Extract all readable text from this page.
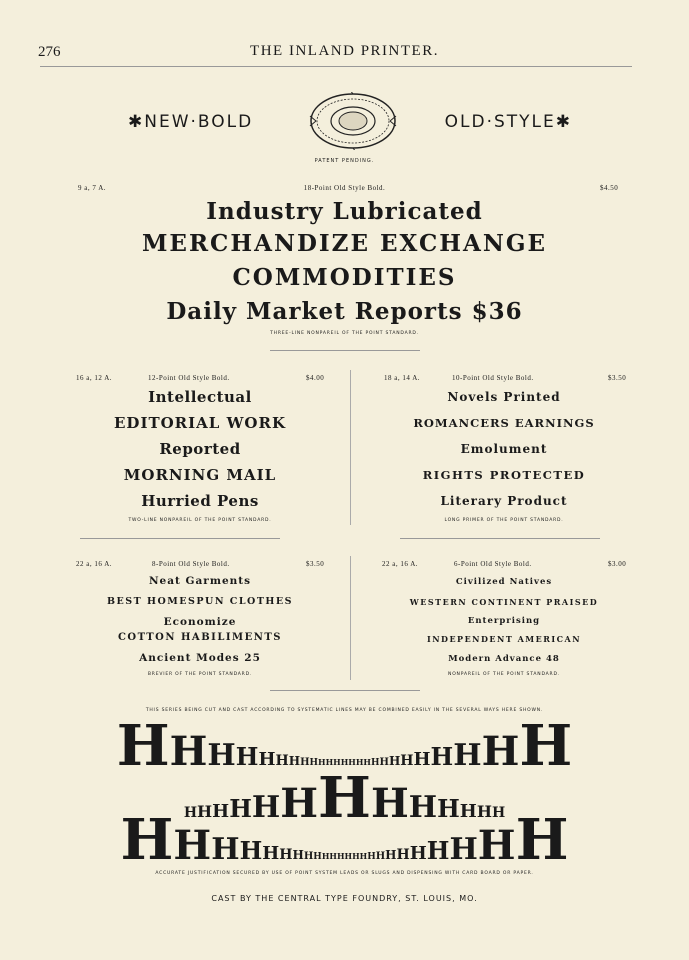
276	THE INLAND PRINTER.
✱NEW·BOLD	OLD·STYLE✱
PATENT PENDING.
9 a, 7 A.	18-Point Old Style Bold.	$4.50
Industry Lubricated
MERCHANDIZE EXCHANGE
COMMODITIES
Daily Market Reports $36
THREE-LINE NONPAREIL OF THE POINT STANDARD.
16 a, 12 A.	12-Point Old Style Bold.	$4.00
Intellectual
EDITORIAL WORK
Reported
MORNING MAIL
Hurried Pens
TWO-LINE NONPAREIL OF THE POINT STANDARD.
18 a, 14 A.	10-Point Old Style Bold.	$3.50
Novels Printed
ROMANCERS EARNINGS
Emolument
RIGHTS PROTECTED
Literary Product
LONG PRIMER OF THE POINT STANDARD.
22 a, 16 A.	8-Point Old Style Bold.	$3.50
Neat Garments
BEST HOMESPUN CLOTHES
Economize
COTTON HABILIMENTS
Ancient Modes 25
BREVIER OF THE POINT STANDARD.
22 a, 16 A.	6-Point Old Style Bold.	$3.00
Civilized Natives
WESTERN CONTINENT PRAISED
Enterprising
INDEPENDENT AMERICAN
Modern Advance 48
NONPAREIL OF THE POINT STANDARD.
THIS SERIES BEING CUT AND CAST ACCORDING TO SYSTEMATIC LINES MAY BE COMBINED EASILY IN THE SEVERAL WAYS HERE SHOWN.
HHHHHHHHHHHHHHHHHHHHHHHHH
HHHHHHHHHHHHH
HHHHHHHHHHHHHHHHHHHHHHHH
ACCURATE JUSTIFICATION SECURED BY USE OF POINT SYSTEM LEADS OR SLUGS AND DISPENSING WITH CARD BOARD OR PAPER.
CAST BY THE CENTRAL TYPE FOUNDRY, ST. LOUIS, MO.
